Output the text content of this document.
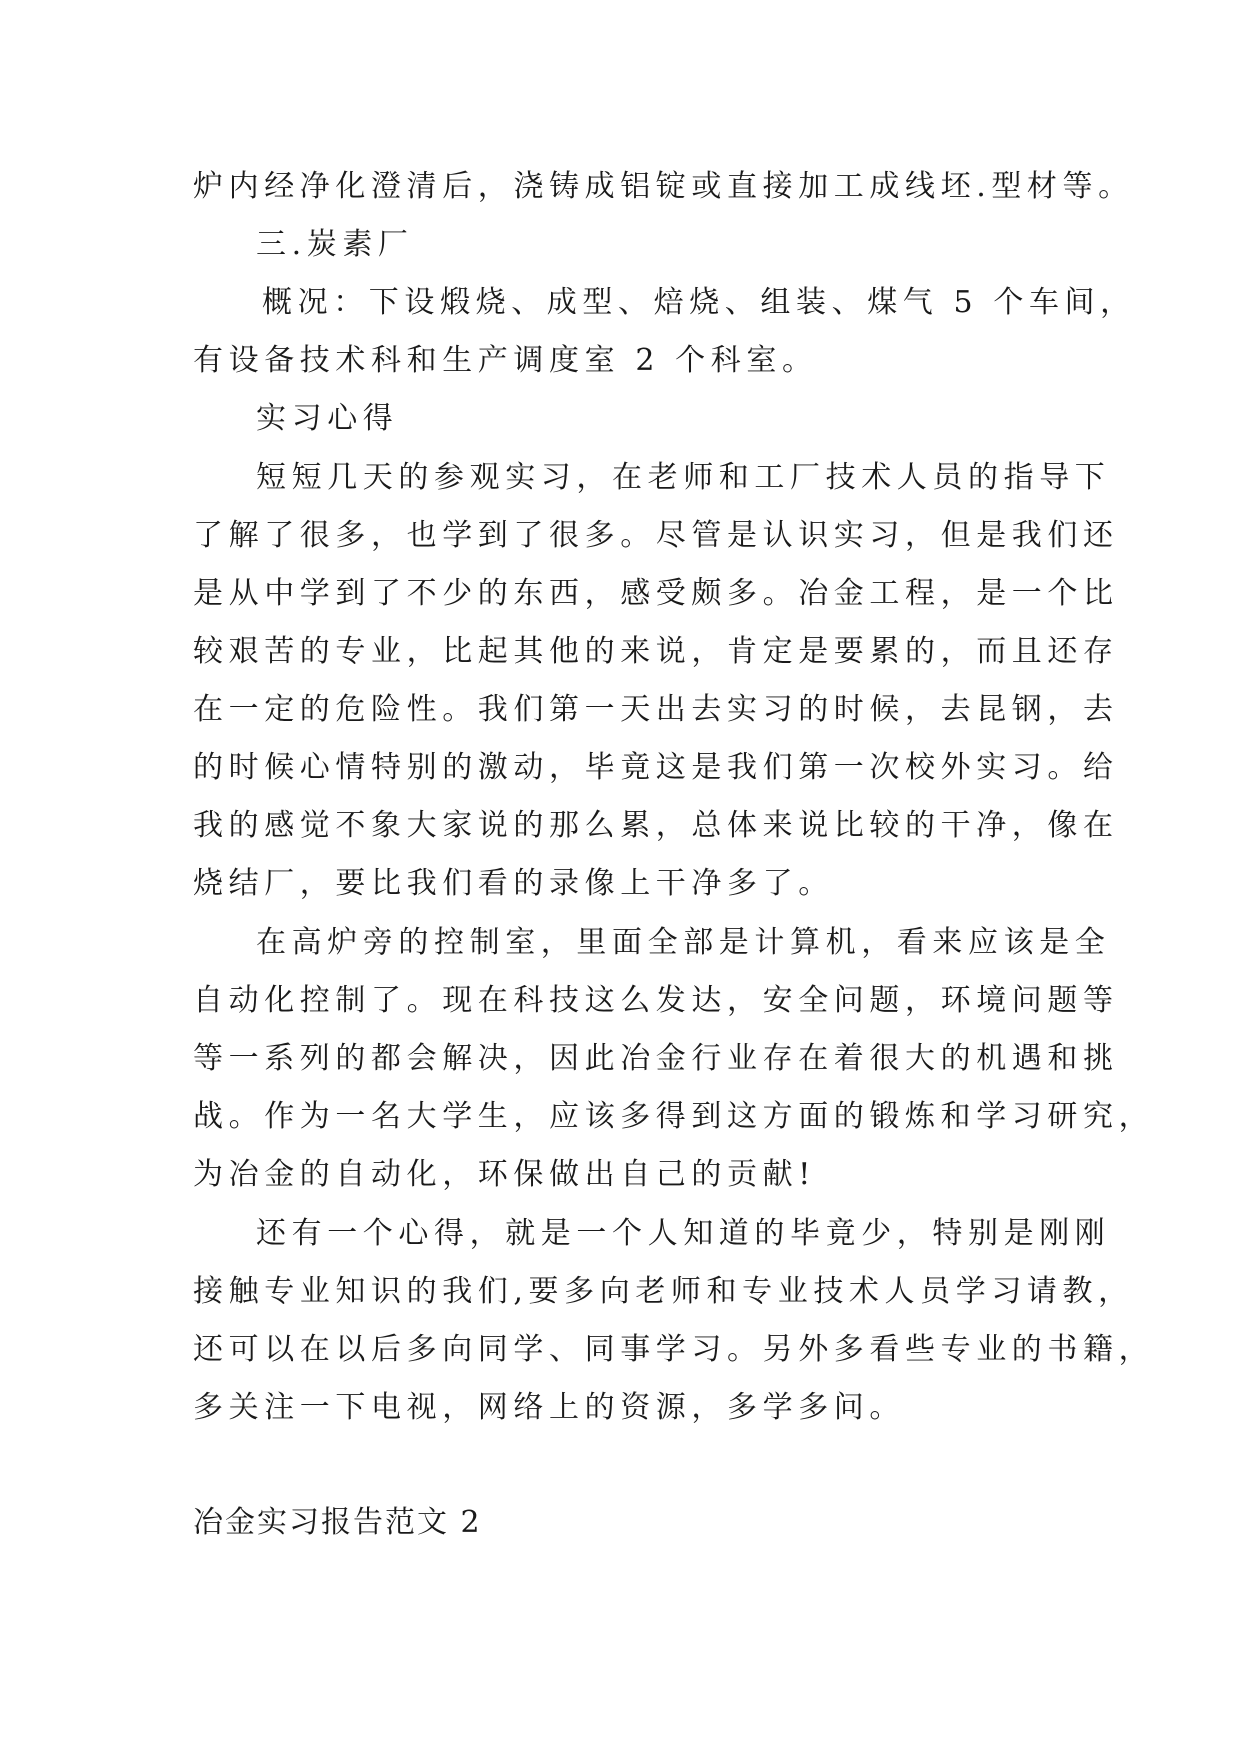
炉内经净化澄清后，浇铸成铝锭或直接加工成线坯.型材等。

三.炭素厂

概况：下设煅烧、成型、焙烧、组装、煤气 5 个车间，

有设备技术科和生产调度室 2 个科室。

实习心得

短短几天的参观实习，在老师和工厂技术人员的指导下

了解了很多，也学到了很多。尽管是认识实习，但是我们还

是从中学到了不少的东西，感受颇多。冶金工程，是一个比

较艰苦的专业，比起其他的来说，肯定是要累的，而且还存

在一定的危险性。我们第一天出去实习的时候，去昆钢，去

的时候心情特别的激动，毕竟这是我们第一次校外实习。给

我的感觉不象大家说的那么累，总体来说比较的干净，像在

烧结厂，要比我们看的录像上干净多了。

在高炉旁的控制室，里面全部是计算机，看来应该是全

自动化控制了。现在科技这么发达，安全问题，环境问题等

等一系列的都会解决，因此冶金行业存在着很大的机遇和挑

战。作为一名大学生，应该多得到这方面的锻炼和学习研究，

为冶金的自动化，环保做出自己的贡献!

还有一个心得，就是一个人知道的毕竟少，特别是刚刚

接触专业知识的我们,要多向老师和专业技术人员学习请教，

还可以在以后多向同学、同事学习。另外多看些专业的书籍，

多关注一下电视，网络上的资源，多学多问。

冶金实习报告范文 2
